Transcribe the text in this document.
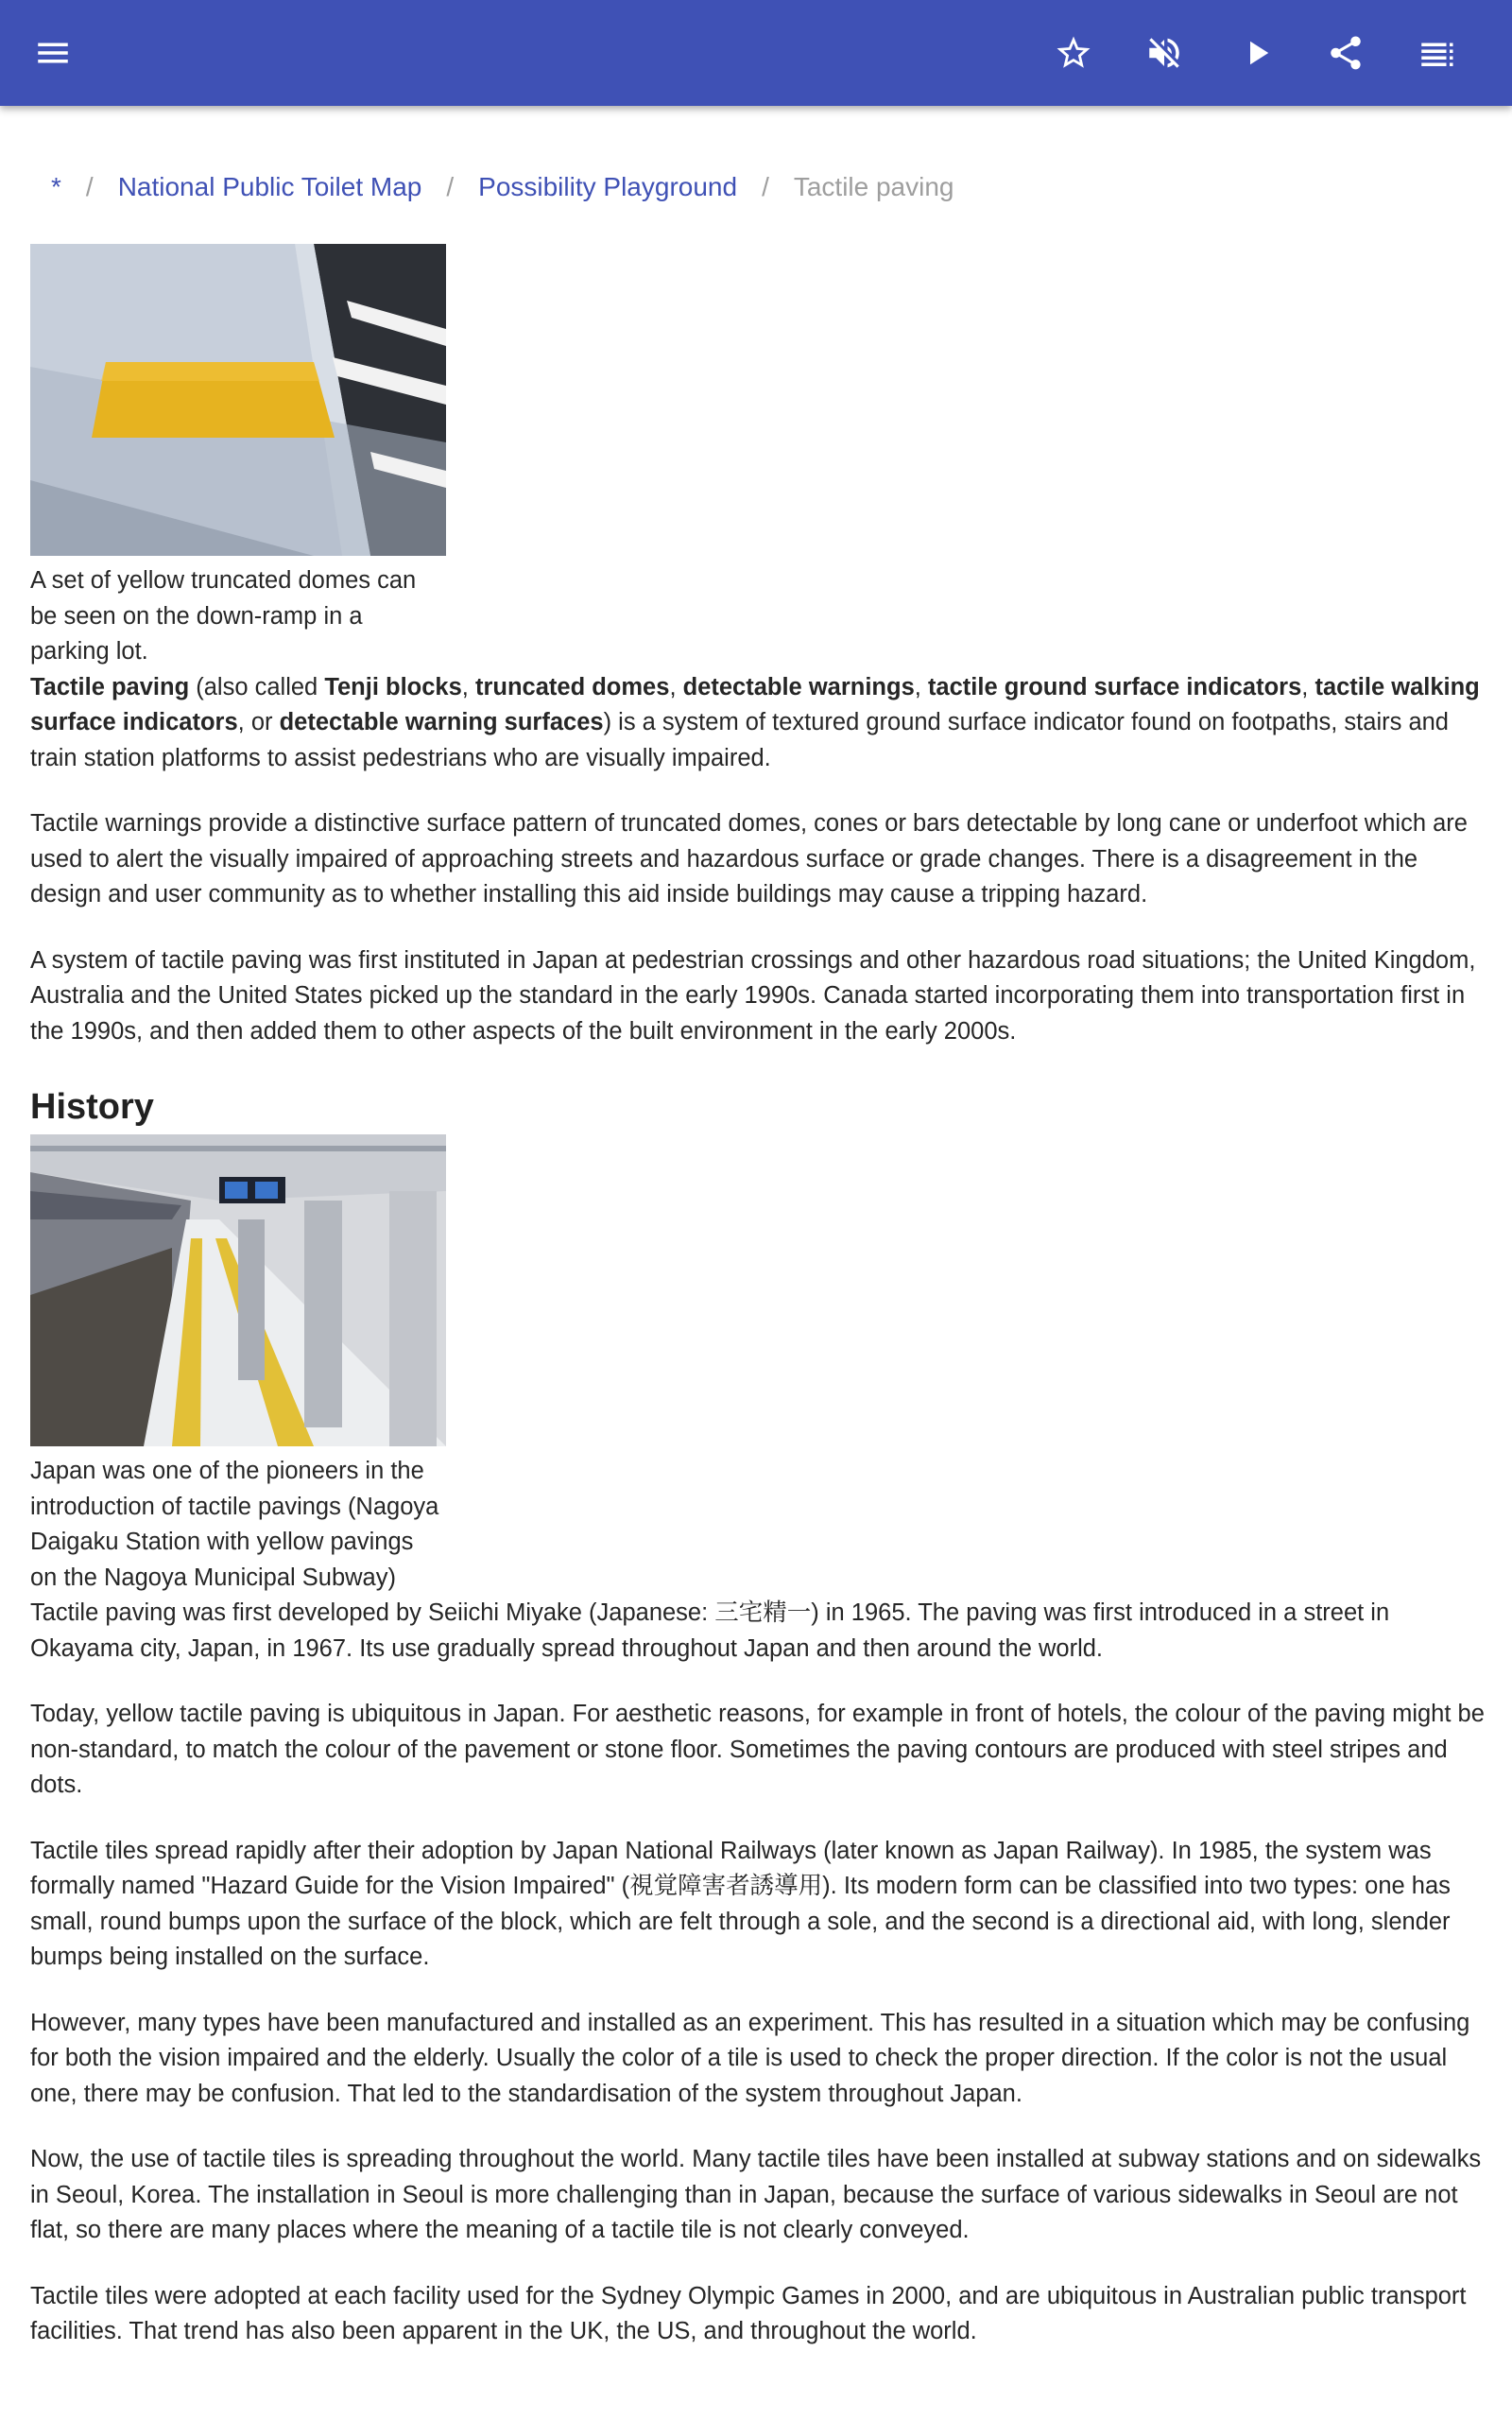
* / National Public Toilet Map / Possibility Playground / Tactile paving

A set of yellow truncated domes can be seen on the down-ramp in a parking lot.

Tactile paving (also called Tenji blocks, truncated domes, detectable warnings, tactile ground surface indicators, tactile walking surface indicators, or detectable warning surfaces) is a system of textured ground surface indicator found on footpaths, stairs and train station platforms to assist pedestrians who are visually impaired.

Tactile warnings provide a distinctive surface pattern of truncated domes, cones or bars detectable by long cane or underfoot which are used to alert the visually impaired of approaching streets and hazardous surface or grade changes. There is a disagreement in the design and user community as to whether installing this aid inside buildings may cause a tripping hazard.

A system of tactile paving was first instituted in Japan at pedestrian crossings and other hazardous road situations; the United Kingdom, Australia and the United States picked up the standard in the early 1990s. Canada started incorporating them into transportation first in the 1990s, and then added them to other aspects of the built environment in the early 2000s.

History

Japan was one of the pioneers in the introduction of tactile pavings (Nagoya Daigaku Station with yellow pavings on the Nagoya Municipal Subway)

Tactile paving was first developed by Seiichi Miyake (Japanese: 三宅精一) in 1965. The paving was first introduced in a street in Okayama city, Japan, in 1967. Its use gradually spread throughout Japan and then around the world.

Today, yellow tactile paving is ubiquitous in Japan. For aesthetic reasons, for example in front of hotels, the colour of the paving might be non-standard, to match the colour of the pavement or stone floor. Sometimes the paving contours are produced with steel stripes and dots.

Tactile tiles spread rapidly after their adoption by Japan National Railways (later known as Japan Railway). In 1985, the system was formally named "Hazard Guide for the Vision Impaired" (視覚障害者誘導用). Its modern form can be classified into two types: one has small, round bumps upon the surface of the block, which are felt through a sole, and the second is a directional aid, with long, slender bumps being installed on the surface.

However, many types have been manufactured and installed as an experiment. This has resulted in a situation which may be confusing for both the vision impaired and the elderly. Usually the color of a tile is used to check the proper direction. If the color is not the usual one, there may be confusion. That led to the standardisation of the system throughout Japan.

Now, the use of tactile tiles is spreading throughout the world. Many tactile tiles have been installed at subway stations and on sidewalks in Seoul, Korea. The installation in Seoul is more challenging than in Japan, because the surface of various sidewalks in Seoul are not flat, so there are many places where the meaning of a tactile tile is not clearly conveyed.

Tactile tiles were adopted at each facility used for the Sydney Olympic Games in 2000, and are ubiquitous in Australian public transport facilities. That trend has also been apparent in the UK, the US, and throughout the world.
